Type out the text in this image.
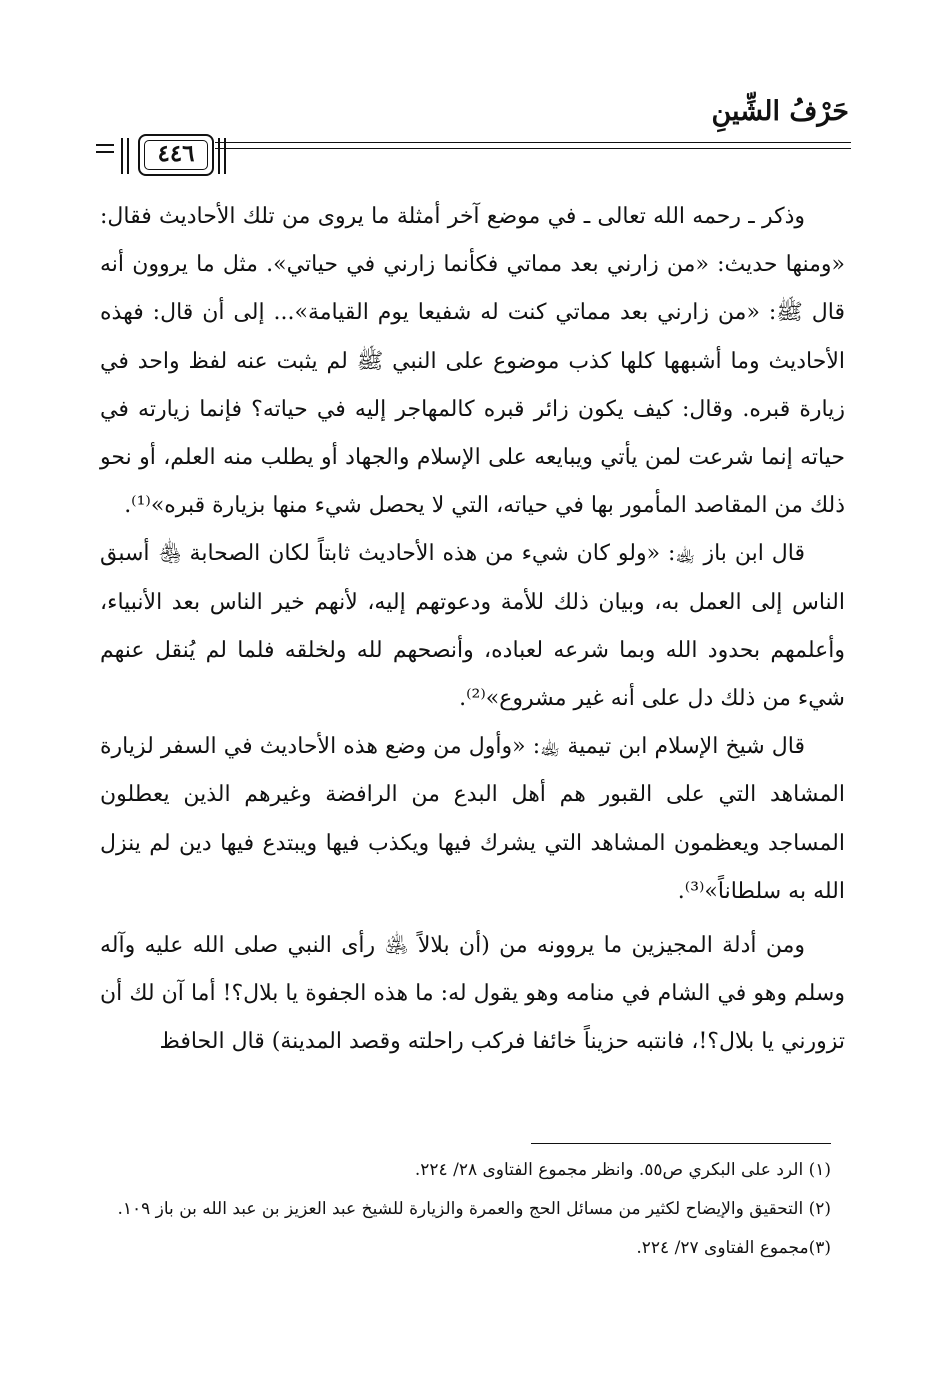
حَرْفُ الشِّينِ
٤٤٦

وذكر ـ رحمه الله تعالى ـ في موضع آخر أمثلة ما يروى من تلك الأحاديث فقال: «ومنها حديث: «من زارني بعد مماتي فكأنما زارني في حياتي». مثل ما يروون أنه قال ﷺ: «من زارني بعد مماتي كنت له شفيعا يوم القيامة»... إلى أن قال: فهذه الأحاديث وما أشبهها كلها كذب موضوع على النبي ﷺ لم يثبت عنه لفظ واحد في زيارة قبره. وقال: كيف يكون زائر قبره كالمهاجر إليه في حياته؟ فإنما زيارته في حياته إنما شرعت لمن يأتي ويبايعه على الإسلام والجهاد أو يطلب منه العلم، أو نحو ذلك من المقاصد المأمور بها في حياته، التي لا يحصل شيء منها بزيارة قبره»⁽¹⁾.

قال ابن باز ﵀: «ولو كان شيء من هذه الأحاديث ثابتاً لكان الصحابة ﵃ أسبق الناس إلى العمل به، وبيان ذلك للأمة ودعوتهم إليه، لأنهم خير الناس بعد الأنبياء، وأعلمهم بحدود الله وبما شرعه لعباده، وأنصحهم لله ولخلقه فلما لم يُنقل عنهم شيء من ذلك دل على أنه غير مشروع»⁽²⁾.

قال شيخ الإسلام ابن تيمية ﵀: «وأول من وضع هذه الأحاديث في السفر لزيارة المشاهد التي على القبور هم أهل البدع من الرافضة وغيرهم الذين يعطلون المساجد ويعظمون المشاهد التي يشرك فيها ويكذب فيها ويبتدع فيها دين لم ينزل الله به سلطاناً»⁽³⁾.

ومن أدلة المجيزين ما يروونه من (أن بلالاً ﵁ رأى النبي صلى الله عليه وآله وسلم وهو في الشام في منامه وهو يقول له: ما هذه الجفوة يا بلال؟! أما آن لك أن تزورني يا بلال؟!، فانتبه حزيناً خائفا فركب راحلته وقصد المدينة) قال الحافظ

(١) الرد على البكري ص٥٥. وانظر مجموع الفتاوى ٢٨/ ٢٢٤.

(٢) التحقيق والإيضاح لكثير من مسائل الحج والعمرة والزيارة للشيخ عبد العزيز بن عبد الله بن باز ١٠٩.

(٣)مجموع الفتاوى ٢٧/ ٢٢٤.
